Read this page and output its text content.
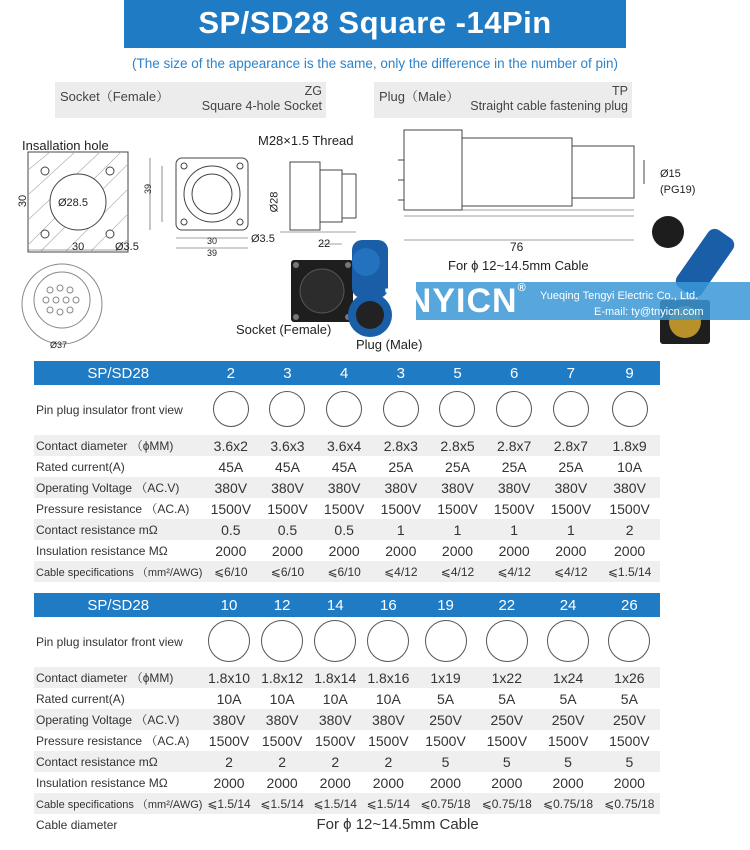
SP/SD28 Square -14Pin
(The size of the appearance is the same, only the difference in the number of pin)
Socket（Female）	ZG
Square 4-hole Socket
Plug（Male）	TP
Straight cable fastening plug
Insallation hole	M28×1.5 Thread
Ø28.5
Ø3.5
Ø3.5
Ø28
Ø37
Ø15
(PG19)
76
22
30
30	30
39
39
For ϕ 12~14.5mm Cable
Socket (Female)
Plug (Male)
TNYICN®
Yueqing Tengyi Electric Co., Ltd.
E-mail: ty@tnyicn.com
SP/SD28	2	3	4	3	5	6	7	9
Pin plug insulator front view								
Contact diameter （ϕMM)	3.6x2	3.6x3	3.6x4	2.8x3	2.8x5	2.8x7	2.8x7	1.8x9
Rated current(A)	45A	45A	45A	25A	25A	25A	25A	10A
Operating Voltage （AC.V)	380V	380V	380V	380V	380V	380V	380V	380V
Pressure resistance （AC.A)	1500V	1500V	1500V	1500V	1500V	1500V	1500V	1500V
Contact resistance mΩ	0.5	0.5	0.5	1	1	1	1	2
Insulation resistance MΩ	2000	2000	2000	2000	2000	2000	2000	2000
Cable specifications （mm²/AWG)	⩽6/10	⩽6/10	⩽6/10	⩽4/12	⩽4/12	⩽4/12	⩽4/12	⩽1.5/14
SP/SD28	10	12	14	16	19	22	24	26
Pin plug insulator front view								
Contact diameter （ϕMM)	1.8x10	1.8x12	1.8x14	1.8x16	1x19	1x22	1x24	1x26
Rated current(A)	10A	10A	10A	10A	5A	5A	5A	5A
Operating Voltage （AC.V)	380V	380V	380V	380V	250V	250V	250V	250V
Pressure resistance （AC.A)	1500V	1500V	1500V	1500V	1500V	1500V	1500V	1500V
Contact resistance mΩ	2	2	2	2	5	5	5	5
Insulation resistance MΩ	2000	2000	2000	2000	2000	2000	2000	2000
Cable specifications （mm²/AWG)	⩽1.5/14	⩽1.5/14	⩽1.5/14	⩽1.5/14	⩽0.75/18	⩽0.75/18	⩽0.75/18	⩽0.75/18
Cable diameter	For ϕ 12~14.5mm Cable							
